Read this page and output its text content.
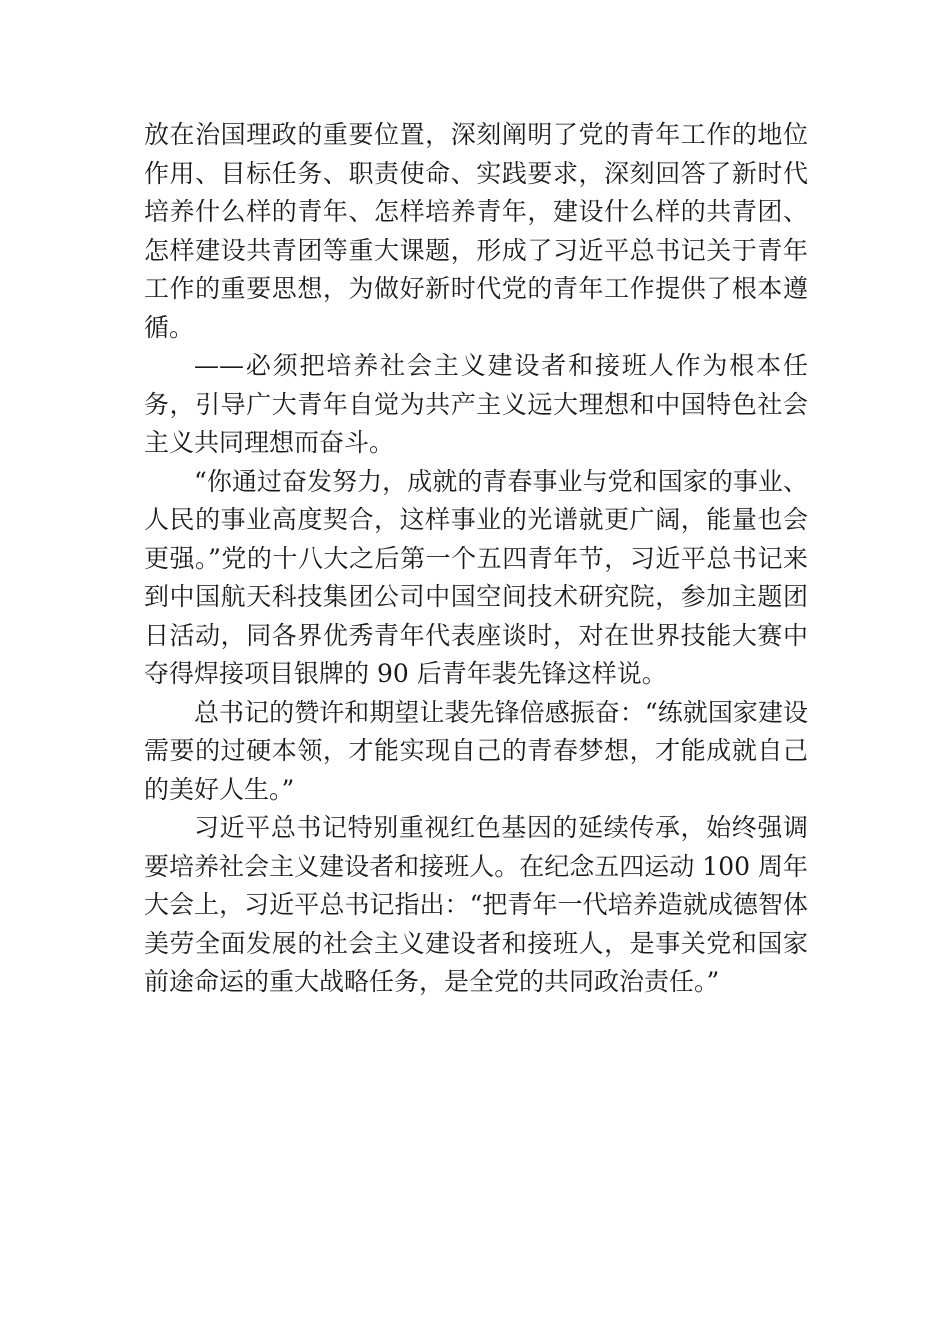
放在治国理政的重要位置，深刻阐明了党的青年工作的地位作用、目标任务、职责使命、实践要求，深刻回答了新时代培养什么样的青年、怎样培养青年，建设什么样的共青团、怎样建设共青团等重大课题，形成了习近平总书记关于青年工作的重要思想，为做好新时代党的青年工作提供了根本遵循。

——必须把培养社会主义建设者和接班人作为根本任务，引导广大青年自觉为共产主义远大理想和中国特色社会主义共同理想而奋斗。

“你通过奋发努力，成就的青春事业与党和国家的事业、人民的事业高度契合，这样事业的光谱就更广阔，能量也会更强。”党的十八大之后第一个五四青年节，习近平总书记来到中国航天科技集团公司中国空间技术研究院，参加主题团日活动，同各界优秀青年代表座谈时，对在世界技能大赛中夺得焊接项目银牌的 90 后青年裴先锋这样说。

总书记的赞许和期望让裴先锋倍感振奋：“练就国家建设需要的过硬本领，才能实现自己的青春梦想，才能成就自己的美好人生。”

习近平总书记特别重视红色基因的延续传承，始终强调要培养社会主义建设者和接班人。在纪念五四运动 100 周年大会上，习近平总书记指出：“把青年一代培养造就成德智体美劳全面发展的社会主义建设者和接班人，是事关党和国家前途命运的重大战略任务，是全党的共同政治责任。”
